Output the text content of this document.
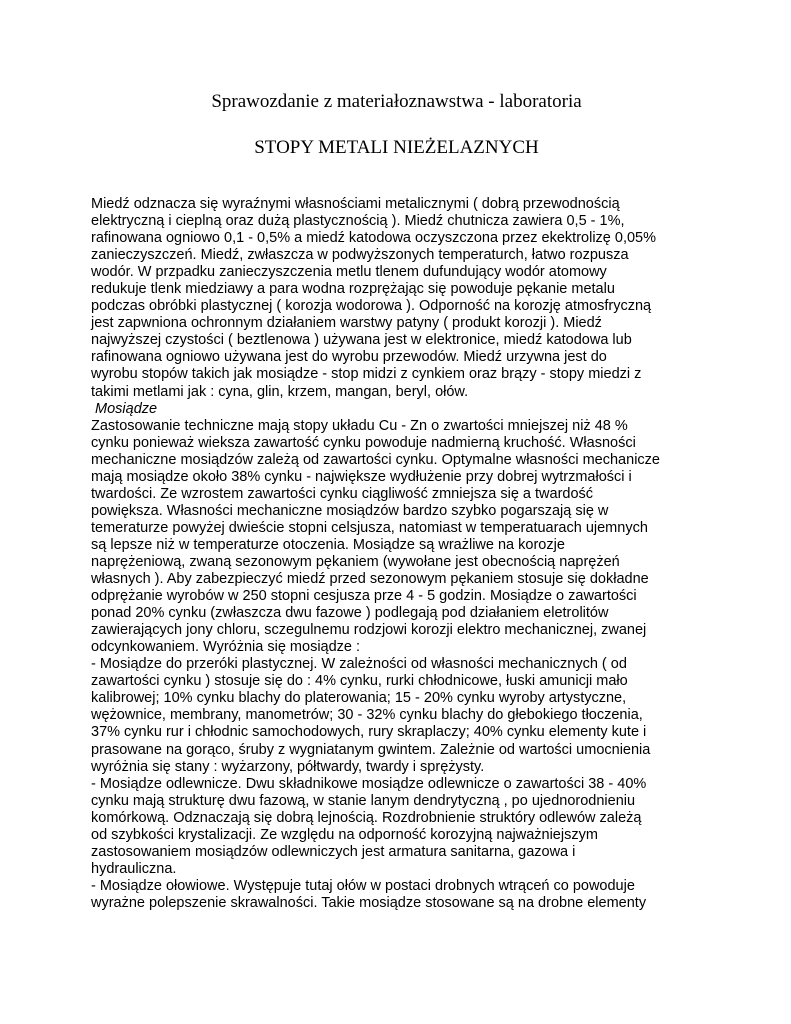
Sprawozdanie z materiałoznawstwa - laboratoria
STOPY METALI NIEŻELAZNYCH
Miedź odznacza się wyraźnymi własnościami metalicznymi ( dobrą przewodnością
elektryczną i cieplną oraz dużą plastycznością ). Miedź chutnicza zawiera 0,5 - 1%,
rafinowana ogniowo 0,1 - 0,5% a miedź katodowa oczyszczona przez ekektrolizę 0,05%
zanieczyszczeń. Miedź, zwłaszcza w podwyższonych temperaturch, łatwo rozpusza
wodór. W przpadku zanieczyszczenia metlu tlenem dufundujący wodór atomowy
redukuje tlenk miedziawy a para wodna rozprężając się powoduje pękanie metalu
podczas obróbki plastycznej ( korozja wodorowa ). Odporność na korozję atmosfryczną
jest zapwniona ochronnym działaniem warstwy patyny ( produkt korozji ). Miedź
najwyższej czystości ( beztlenowa ) używana jest w elektronice, miedź katodowa lub
rafinowana ogniowo używana jest do wyrobu przewodów. Miedź urzywna jest do
wyrobu stopów takich jak mosiądze - stop midzi z cynkiem oraz brązy - stopy miedzi z
takimi metlami jak : cyna, glin, krzem, mangan, beryl, ołów.
Mosiądze
Zastosowanie techniczne mają stopy układu Cu - Zn o zwartości mniejszej niż 48 %
cynku ponieważ wieksza zawartość cynku powoduje nadmierną kruchość. Własności
mechaniczne mosiądzów zależą od zawartości cynku. Optymalne własności mechanicze
mają mosiądze około 38% cynku - największe wydłużenie przy dobrej wytrzmałości i
twardości. Ze wzrostem zawartości cynku ciągliwość zmniejsza się a twardość
powiększa. Własności mechaniczne mosiądzów bardzo szybko pogarszają się w
temeraturze powyżej dwieście stopni celsjusza, natomiast w temperatuarach ujemnych
są lepsze niż w temperaturze otoczenia. Mosiądze są wrażliwe na korozje
naprężeniową, zwaną sezonowym pękaniem (wywołane jest obecnością naprężeń
własnych ). Aby zabezpieczyć miedź przed sezonowym pękaniem stosuje się dokładne
odprężanie wyrobów w 250 stopni cesjusza prze 4 - 5 godzin. Mosiądze o zawartości
ponad 20% cynku (zwłaszcza dwu fazowe ) podlegają pod działaniem eletrolitów
zawierających jony chloru, sczegulnemu rodzjowi korozji elektro mechanicznej, zwanej
odcynkowaniem. Wyróżnia się mosiądze :
- Mosiądze do przeróki plastycznej. W zależności od własności mechanicznych ( od
zawartości cynku ) stosuje się do : 4% cynku, rurki chłodnicowe, łuski amunicji mało
kalibrowej; 10% cynku blachy do platerowania; 15 - 20% cynku wyroby artystyczne,
wężownice, membrany, manometrów; 30 - 32% cynku blachy do głebokiego tłoczenia,
37% cynku rur i chłodnic samochodowych, rury skraplaczy; 40% cynku elementy kute i
prasowane na gorąco, śruby z wygniatanym gwintem. Zależnie od wartości umocnienia
wyróżnia się stany : wyżarzony, półtwardy, twardy i sprężysty.
- Mosiądze odlewnicze. Dwu składnikowe mosiądze odlewnicze o zawartości 38 - 40%
cynku mają strukturę dwu fazową, w stanie lanym dendrytyczną , po ujednorodnieniu
komórkową. Odznaczają się dobrą lejnością. Rozdrobnienie struktóry odlewów zależą
od szybkości krystalizacji. Ze względu na odporność korozyjną najważniejszym
zastosowaniem mosiądzów odlewniczych jest armatura sanitarna, gazowa i
hydrauliczna.
- Mosiądze ołowiowe. Występuje tutaj ołów w postaci drobnych wtrąceń co powoduje
wyrażne polepszenie skrawalności. Takie mosiądze stosowane są na drobne elementy
